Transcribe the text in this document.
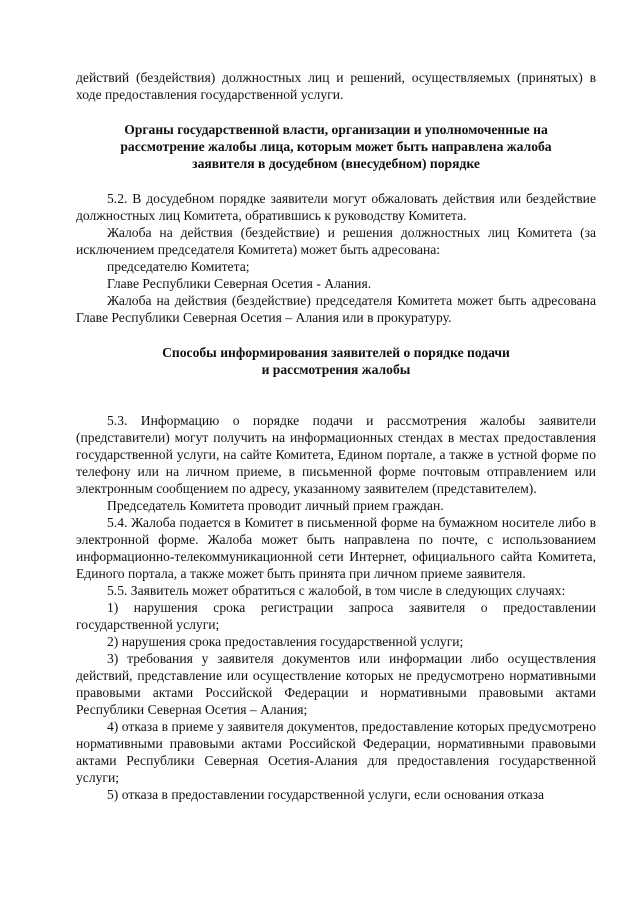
действий (бездействия) должностных лиц и решений, осуществляемых (принятых) в ходе предоставления государственной услуги.

Органы государственной власти, организации и уполномоченные на
рассмотрение жалобы лица, которым может быть направлена жалоба
заявителя в досудебном (внесудебном) порядке

5.2. В досудебном порядке заявители могут обжаловать действия или бездействие должностных лиц Комитета, обратившись к руководству Комитета.

Жалоба на действия (бездействие) и решения должностных лиц Комитета (за исключением председателя Комитета) может быть адресована:

председателю Комитета;

Главе Республики Северная Осетия - Алания.

Жалоба на действия (бездействие) председателя Комитета может быть адресована Главе Республики Северная Осетия – Алания или в прокуратуру.

Способы информирования заявителей о порядке подачи
и рассмотрения жалобы

5.3. Информацию о порядке подачи и рассмотрения жалобы заявители (представители) могут получить на информационных стендах в местах предоставления государственной услуги, на сайте Комитета, Едином портале, а также в устной форме по телефону или на личном приеме, в письменной форме почтовым отправлением или электронным сообщением по адресу, указанному заявителем (представителем).

Председатель Комитета проводит личный прием граждан.

5.4. Жалоба подается в Комитет в письменной форме на бумажном носителе либо в электронной форме. Жалоба может быть направлена по почте, с использованием информационно-телекоммуникационной сети Интернет, официального сайта Комитета, Единого портала, а также может быть принята при личном приеме заявителя.

5.5. Заявитель может обратиться с жалобой, в том числе в следующих случаях:

1) нарушения срока регистрации запроса заявителя о предоставлении государственной услуги;

2) нарушения срока предоставления государственной услуги;

3) требования у заявителя документов или информации либо осуществления действий, представление или осуществление которых не предусмотрено нормативными правовыми актами Российской Федерации и нормативными правовыми актами Республики Северная Осетия – Алания;

4) отказа в приеме у заявителя документов, предоставление которых предусмотрено нормативными правовыми актами Российской Федерации, нормативными правовыми актами Республики Северная Осетия-Алания для предоставления государственной услуги;

5) отказа в предоставлении государственной услуги, если основания отказа
